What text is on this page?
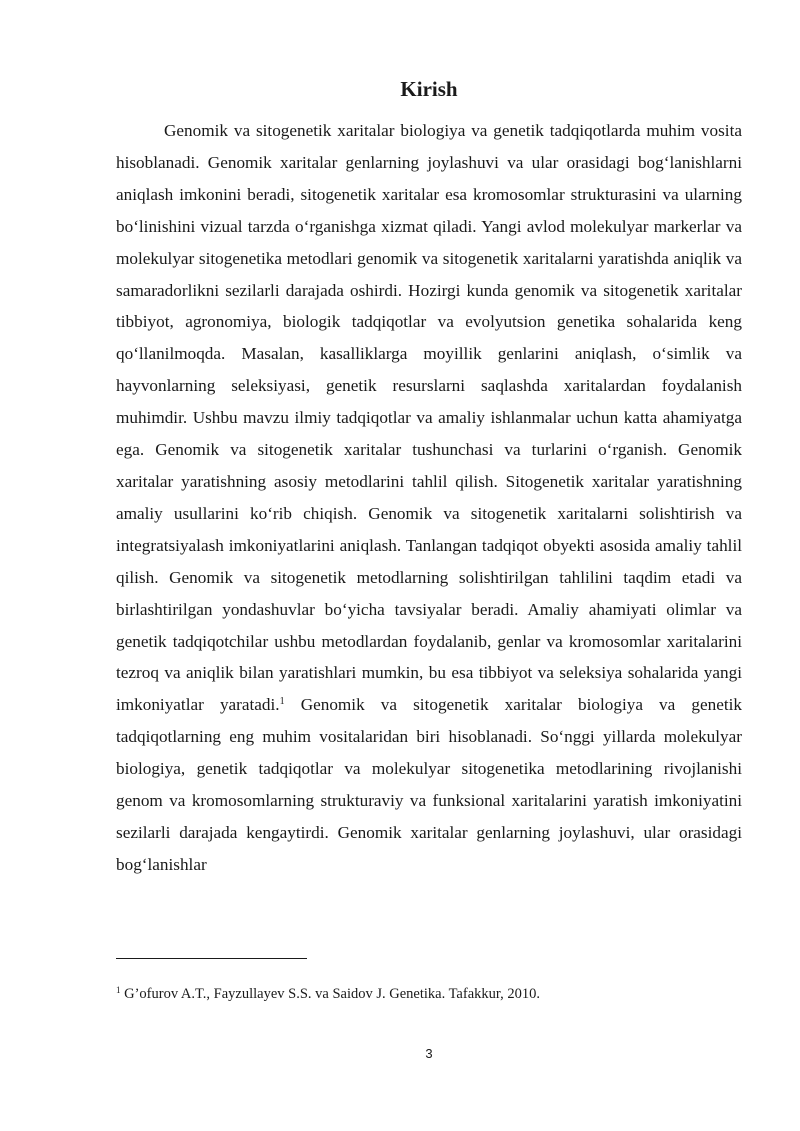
Kirish

Genomik va sitogenetik xaritalar biologiya va genetik tadqiqotlarda muhim vosita hisoblanadi. Genomik xaritalar genlarning joylashuvi va ular orasidagi bog‘lanishlarni aniqlash imkonini beradi, sitogenetik xaritalar esa kromosomlar strukturasini va ularning bo‘linishini vizual tarzda o‘rganishga xizmat qiladi. Yangi avlod molekulyar markerlar va molekulyar sitogenetika metodlari genomik va sitogenetik xaritalarni yaratishda aniqlik va samaradorlikni sezilarli darajada oshirdi. Hozirgi kunda genomik va sitogenetik xaritalar tibbiyot, agronomiya, biologik tadqiqotlar va evolyutsion genetika sohalarida keng qo‘llanilmoqda. Masalan, kasalliklarga moyillik genlarini aniqlash, o‘simlik va hayvonlarning seleksiyasi, genetik resurslarni saqlashda xaritalardan foydalanish muhimdir. Ushbu mavzu ilmiy tadqiqotlar va amaliy ishlanmalar uchun katta ahamiyatga ega. Genomik va sitogenetik xaritalar tushunchasi va turlarini o‘rganish. Genomik xaritalar yaratishning asosiy metodlarini tahlil qilish. Sitogenetik xaritalar yaratishning amaliy usullarini ko‘rib chiqish. Genomik va sitogenetik xaritalarni solishtirish va integratsiyalash imkoniyatlarini aniqlash. Tanlangan tadqiqot obyekti asosida amaliy tahlil qilish. Genomik va sitogenetik metodlarning solishtirilgan tahlilini taqdim etadi va birlashtirilgan yondashuvlar bo‘yicha tavsiyalar beradi. Amaliy ahamiyati olimlar va genetik tadqiqotchilar ushbu metodlardan foydalanib, genlar va kromosomlar xaritalarini tezroq va aniqlik bilan yaratishlari mumkin, bu esa tibbiyot va seleksiya sohalarida yangi imkoniyatlar yaratadi.$^1$ Genomik va sitogenetik xaritalar biologiya va genetik tadqiqotlarning eng muhim vositalaridan biri hisoblanadi. So‘nggi yillarda molekulyar biologiya, genetik tadqiqotlar va molekulyar sitogenetika metodlarining rivojlanishi genom va kromosomlarning strukturaviy va funksional xaritalarini yaratish imkoniyatini sezilarli darajada kengaytirdi. Genomik xaritalar genlarning joylashuvi, ular orasidagi bog‘lanishlar

$^1$ G’ofurov A.T., Fayzullayev S.S. va Saidov J. Genetika. Tafakkur, 2010.
3
